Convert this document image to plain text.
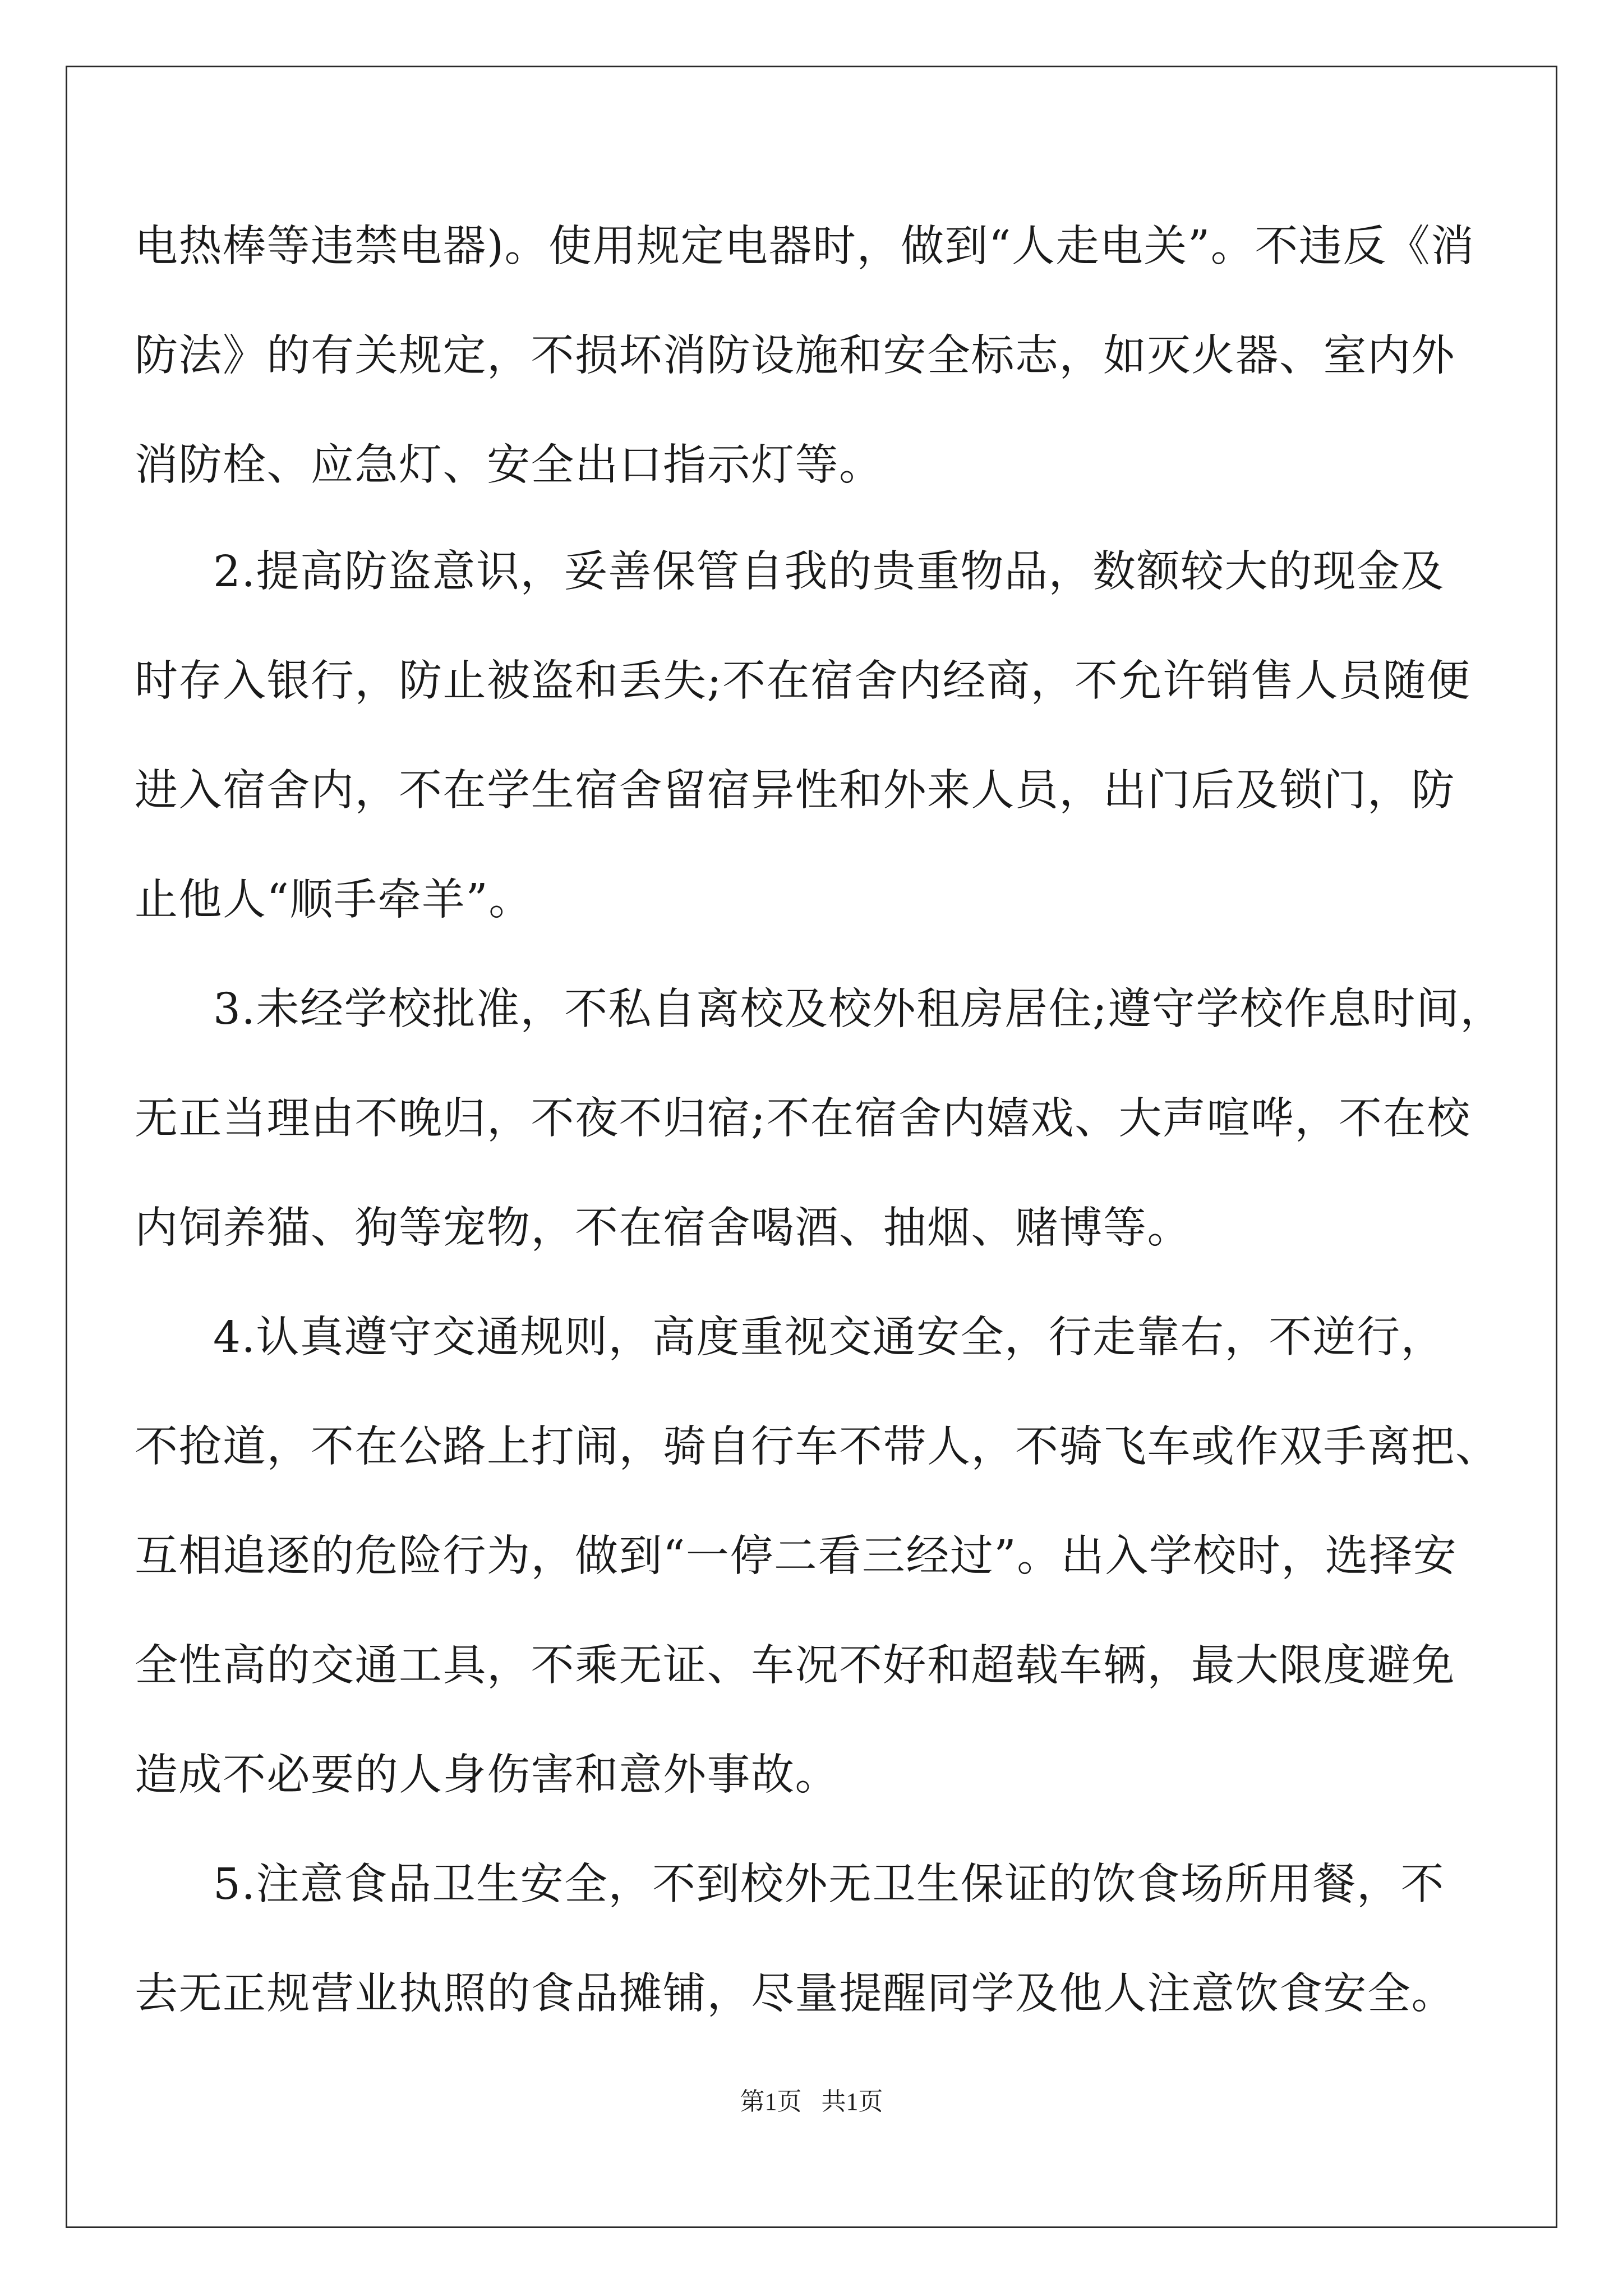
电热棒等违禁电器)。使用规定电器时，做到“人走电关”。不违反《消
防法》的有关规定，不损坏消防设施和安全标志，如灭火器、室内外
消防栓、应急灯、安全出口指示灯等。
2.提高防盗意识，妥善保管自我的贵重物品，数额较大的现金及
时存入银行，防止被盗和丢失;不在宿舍内经商，不允许销售人员随便
进入宿舍内，不在学生宿舍留宿异性和外来人员，出门后及锁门，防
止他人“顺手牵羊”。
3.未经学校批准，不私自离校及校外租房居住;遵守学校作息时间，
无正当理由不晚归，不夜不归宿;不在宿舍内嬉戏、大声喧哗，不在校
内饲养猫、狗等宠物，不在宿舍喝酒、抽烟、赌博等。
4.认真遵守交通规则，高度重视交通安全，行走靠右，不逆行，
不抢道，不在公路上打闹，骑自行车不带人，不骑飞车或作双手离把、
互相追逐的危险行为，做到“一停二看三经过”。出入学校时，选择安
全性高的交通工具，不乘无证、车况不好和超载车辆，最大限度避免
造成不必要的人身伤害和意外事故。
5.注意食品卫生安全，不到校外无卫生保证的饮食场所用餐，不
去无正规营业执照的食品摊铺，尽量提醒同学及他人注意饮食安全。
第1页 共1页
